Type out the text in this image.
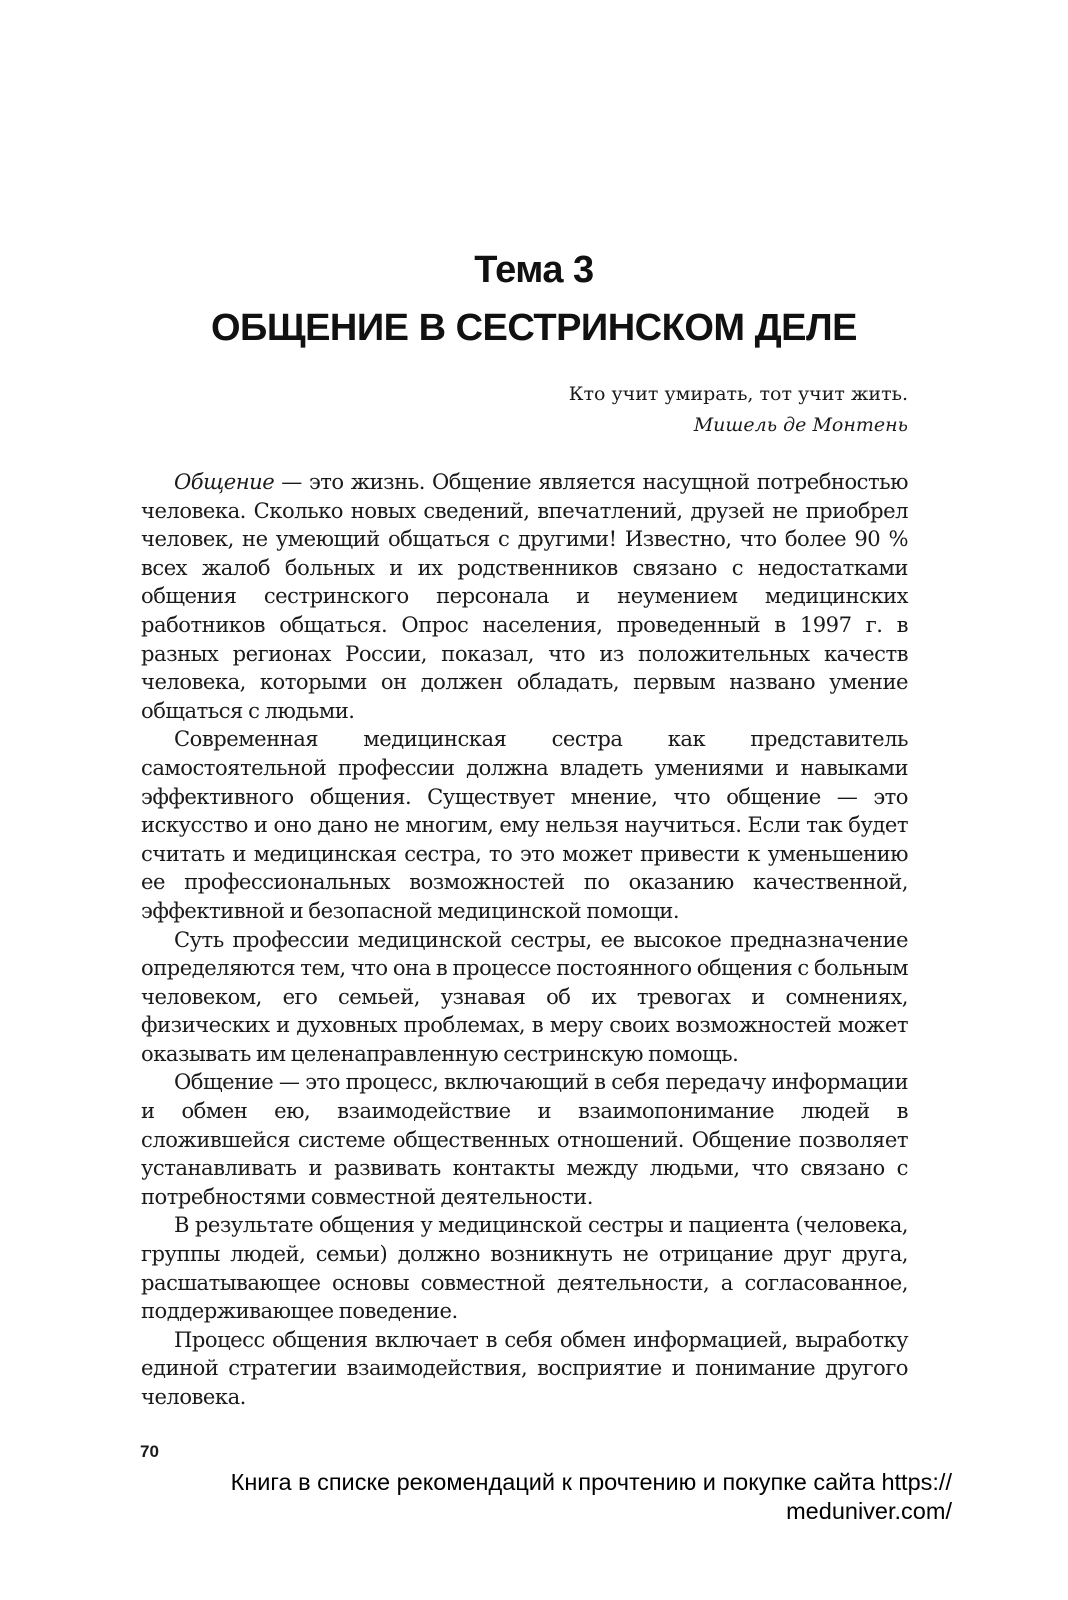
Тема 3
ОБЩЕНИЕ В СЕСТРИНСКОМ ДЕЛЕ
Кто учит умирать, тот учит жить.
Мишель де Монтень

Общение — это жизнь. Общение является насущной потребностью человека. Сколько новых сведений, впечатлений, друзей не приобрел человек, не умеющий общаться с другими! Известно, что более 90 % всех жалоб больных и их родственников связано с недостатками общения сестринского персонала и неумением медицинских работников общаться. Опрос населения, проведенный в 1997 г. в разных регионах России, показал, что из положительных качеств человека, которыми он должен обладать, первым названо умение общаться с людьми.

Современная медицинская сестра как представитель самостоятельной профессии должна владеть умениями и навыками эффективного общения. Существует мнение, что общение — это искусство и оно дано не многим, ему нельзя научиться. Если так будет считать и медицинская сестра, то это может привести к уменьшению ее профессиональных возможностей по оказанию качественной, эффективной и безопасной медицинской помощи.

Суть профессии медицинской сестры, ее высокое предназначение определяются тем, что она в процессе постоянного общения с больным человеком, его семьей, узнавая об их тревогах и сомнениях, физических и духовных проблемах, в меру своих возможностей может оказывать им целенаправленную сестринскую помощь.

Общение — это процесс, включающий в себя передачу информации и обмен ею, взаимодействие и взаимопонимание людей в сложившейся системе общественных отношений. Общение позволяет устанавливать и развивать контакты между людьми, что связано с потребностями совместной деятельности.

В результате общения у медицинской сестры и пациента (человека, группы людей, семьи) должно возникнуть не отрицание друг друга, расшатывающее основы совместной деятельности, а согласованное, поддерживающее поведение.

Процесс общения включает в себя обмен информацией, выработку единой стратегии взаимодействия, восприятие и понимание другого человека.

70
Книга в списке рекомендаций к прочтению и покупке сайта https://
meduniver.com/
